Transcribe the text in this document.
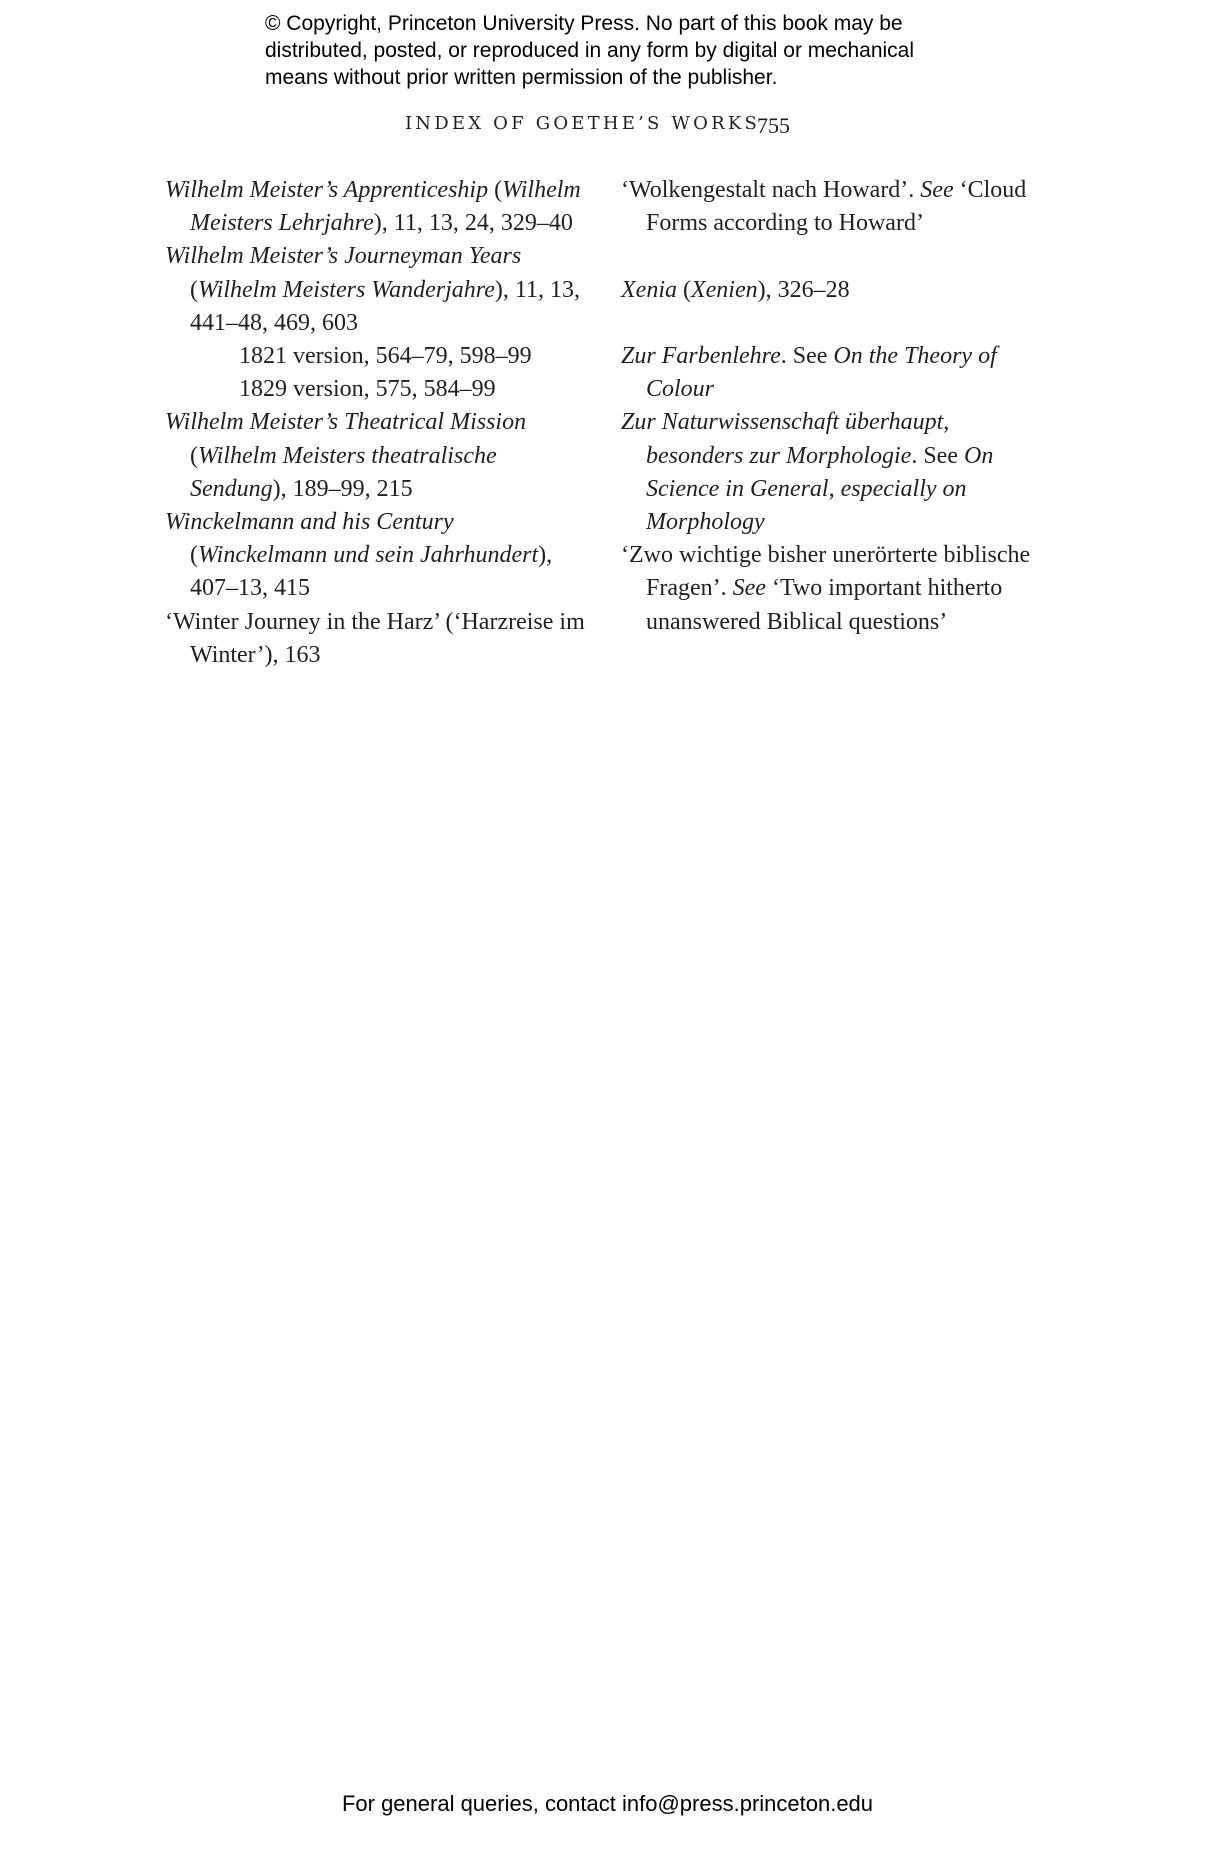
© Copyright, Princeton University Press. No part of this book may be
distributed, posted, or reproduced in any form by digital or mechanical
means without prior written permission of the publisher.
INDEX OF GOETHE’S WORKS
755
Wilhelm Meister’s Apprenticeship (Wilhelm Meisters Lehrjahre), 11, 13, 24, 329–40
Wilhelm Meister’s Journeyman Years (Wilhelm Meisters Wanderjahre), 11, 13, 441–48, 469, 603
1821 version, 564–79, 598–99
1829 version, 575, 584–99
Wilhelm Meister’s Theatrical Mission (Wilhelm Meisters theatralische Sendung), 189–99, 215
Winckelmann and his Century (Winckelmann und sein Jahrhundert), 407–13, 415
‘Winter Journey in the Harz’ (‘Harzreise im Winter’), 163
‘Wolkengestalt nach Howard’. See ‘Cloud Forms according to Howard’
Xenia (Xenien), 326–28
Zur Farbenlehre. See On the Theory of Colour
Zur Naturwissenschaft überhaupt, besonders zur Morphologie. See On Science in General, especially on Morphology
‘Zwo wichtige bisher unerörterte biblische Fragen’. See ‘Two important hitherto unanswered Biblical questions’
For general queries, contact info@press.princeton.edu
